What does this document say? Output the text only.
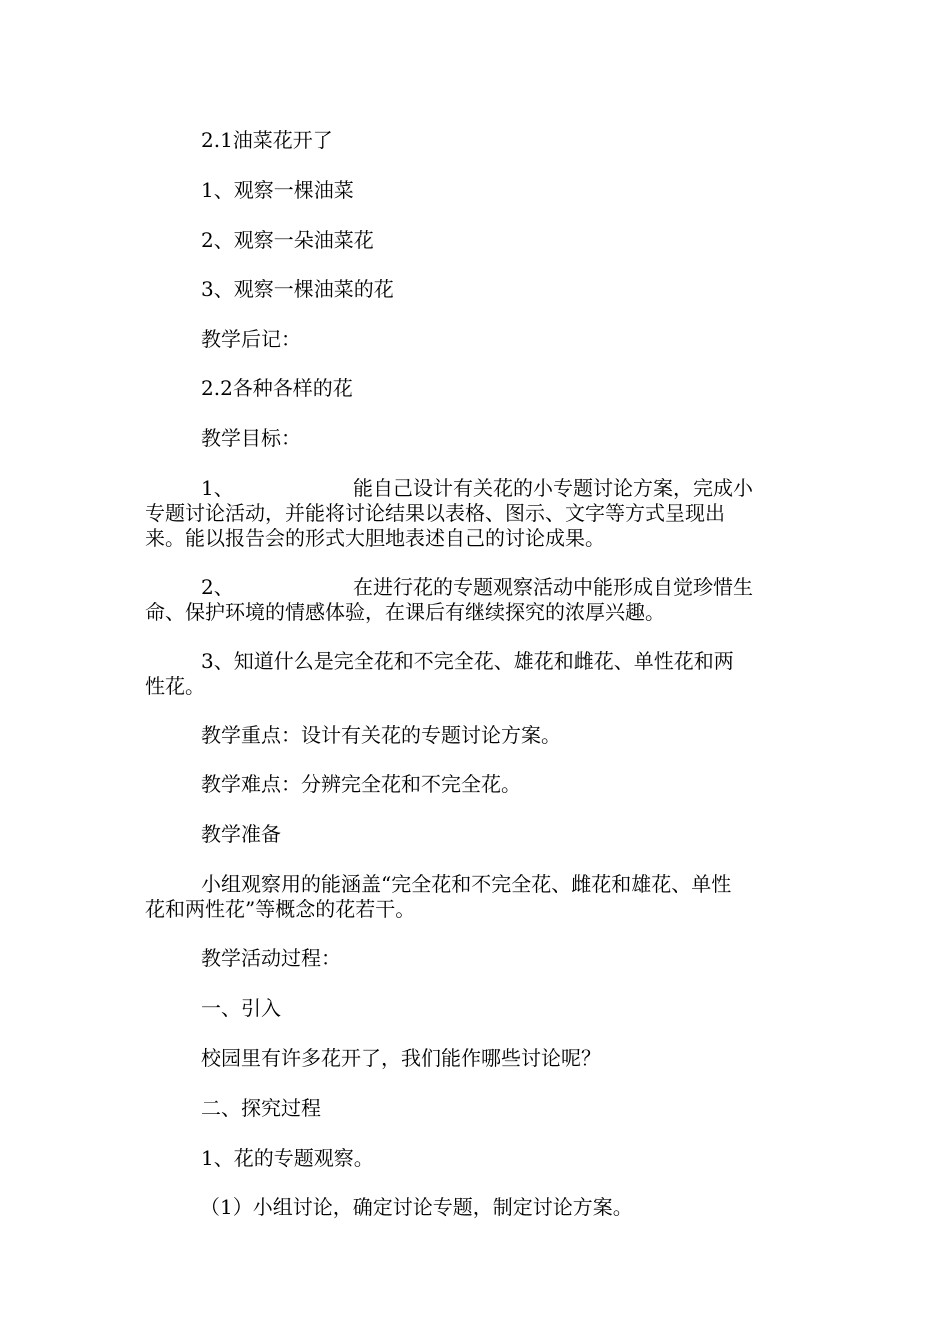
2.1油菜花开了
1、观察一棵油菜
2、观察一朵油菜花
3、观察一棵油菜的花
教学后记：
2.2各种各样的花
教学目标：
1、	能自己设计有关花的小专题讨论方案，完成小
专题讨论活动，并能将讨论结果以表格、图示、文字等方式呈现出
来。能以报告会的形式大胆地表述自己的讨论成果。
2、	在进行花的专题观察活动中能形成自觉珍惜生
命、保护环境的情感体验，在课后有继续探究的浓厚兴趣。
3、知道什么是完全花和不完全花、雄花和雌花、单性花和两
性花。
教学重点：设计有关花的专题讨论方案。
教学难点：分辨完全花和不完全花。
教学准备
小组观察用的能涵盖“完全花和不完全花、雌花和雄花、单性
花和两性花”等概念的花若干。
教学活动过程：
一、引入
校园里有许多花开了，我们能作哪些讨论呢？
二、探究过程
1、花的专题观察。
（1）小组讨论，确定讨论专题，制定讨论方案。
